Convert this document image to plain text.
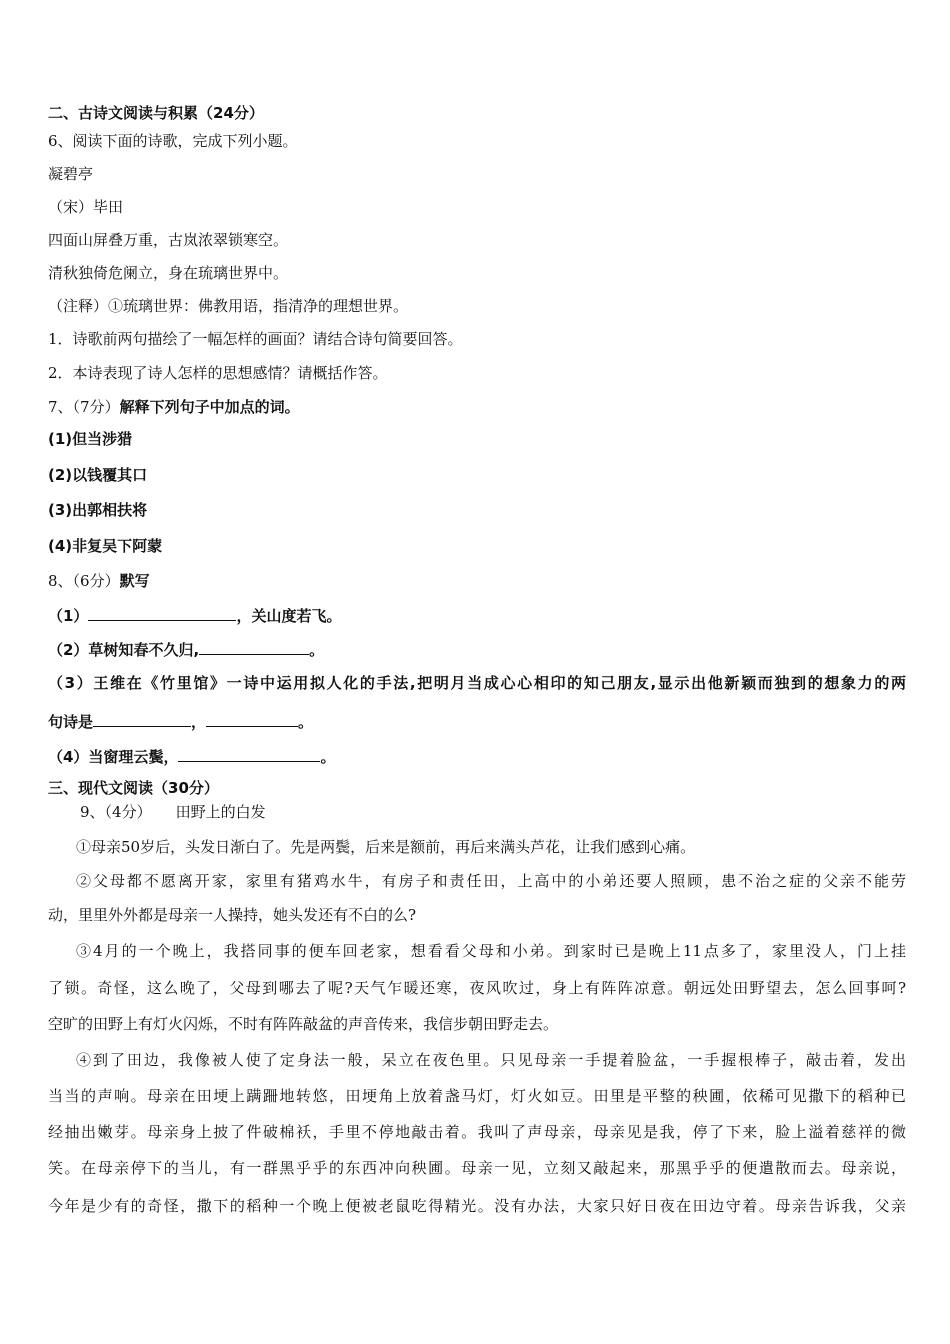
二、古诗文阅读与积累（24分）
6、阅读下面的诗歌，完成下列小题。
凝碧亭
（宋）毕田
四面山屏叠万重，古岚浓翠锁寒空。
清秋独倚危阑立，身在琉璃世界中。
（注释）①琉璃世界：佛教用语，指清净的理想世界。
1．诗歌前两句描绘了一幅怎样的画面？请结合诗句简要回答。
2．本诗表现了诗人怎样的思想感情？请概括作答。
7、（7分）解释下列句子中加点的词。
(1)但当涉猎
(2)以钱覆其口
(3)出郭相扶将
(4)非复吴下阿蒙
8、（6分）默写
（1）	，关山度若飞。
（2）草树知春不久归,	。
（3）王维在《竹里馆》一诗中运用拟人化的手法,把明月当成心心相印的知己朋友,显示出他新颖而独到的想象力的两
句诗是	，	。
（4）当窗理云鬓，	。
三、现代文阅读（30分）
9、（4分） 田野上的白发
①母亲50岁后，头发日渐白了。先是两鬓，后来是额前，再后来满头芦花，让我们感到心痛。
②父母都不愿离开家，家里有猪鸡水牛，有房子和责任田，上高中的小弟还要人照顾，患不治之症的父亲不能劳
动，里里外外都是母亲一人操持，她头发还有不白的么?
③4月的一个晚上，我搭同事的便车回老家，想看看父母和小弟。到家时已是晚上11点多了，家里没人，门上挂
了锁。奇怪，这么晚了，父母到哪去了呢?天气乍暖还寒，夜风吹过，身上有阵阵凉意。朝远处田野望去，怎么回事呵?
空旷的田野上有灯火闪烁，不时有阵阵敲盆的声音传来，我信步朝田野走去。
④到了田边，我像被人使了定身法一般，呆立在夜色里。只见母亲一手提着脸盆，一手握根棒子，敲击着，发出
当当的声响。母亲在田埂上蹒跚地转悠，田埂角上放着盏马灯，灯火如豆。田里是平整的秧圃，依稀可见撒下的稻种已
经抽出嫩芽。母亲身上披了件破棉袄，手里不停地敲击着。我叫了声母亲，母亲见是我，停了下来，脸上溢着慈祥的微
笑。在母亲停下的当儿，有一群黑乎乎的东西冲向秧圃。母亲一见，立刻又敲起来，那黑乎乎的便遣散而去。母亲说，
今年是少有的奇怪，撒下的稻种一个晚上便被老鼠吃得精光。没有办法，大家只好日夜在田边守着。母亲告诉我，父亲
